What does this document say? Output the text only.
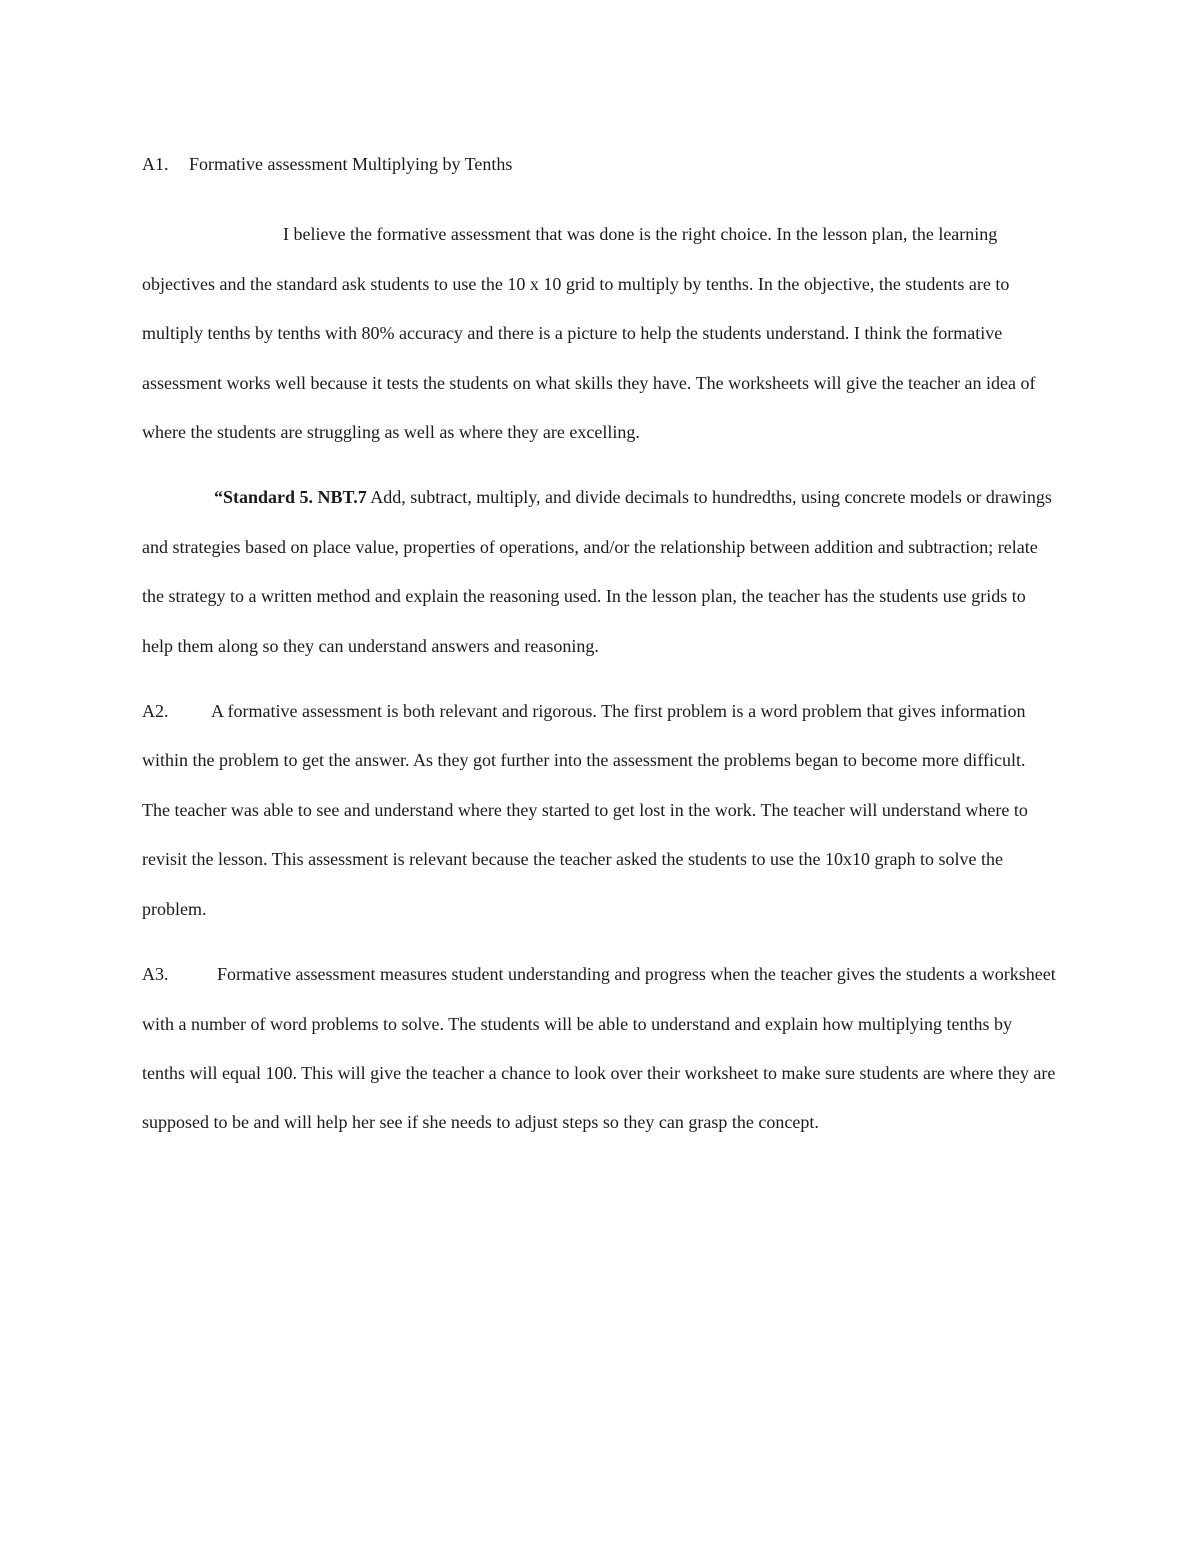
A1. Formative assessment Multiplying by Tenths

I believe the formative assessment that was done is the right choice. In the lesson plan, the learning objectives and the standard ask students to use the 10 x 10 grid to multiply by tenths. In the objective, the students are to multiply tenths by tenths with 80% accuracy and there is a picture to help the students understand. I think the formative assessment works well because it tests the students on what skills they have. The worksheets will give the teacher an idea of where the students are struggling as well as where they are excelling.

“Standard 5. NBT.7 Add, subtract, multiply, and divide decimals to hundredths, using concrete models or drawings and strategies based on place value, properties of operations, and/or the relationship between addition and subtraction; relate the strategy to a written method and explain the reasoning used. In the lesson plan, the teacher has the students use grids to help them along so they can understand answers and reasoning.

A2. A formative assessment is both relevant and rigorous. The first problem is a word problem that gives information within the problem to get the answer. As they got further into the assessment the problems began to become more difficult. The teacher was able to see and understand where they started to get lost in the work. The teacher will understand where to revisit the lesson. This assessment is relevant because the teacher asked the students to use the 10x10 graph to solve the problem.

A3.	Formative assessment measures student understanding and progress when the teacher gives the students a worksheet with a number of word problems to solve. The students will be able to understand and explain how multiplying tenths by tenths will equal 100. This will give the teacher a chance to look over their worksheet to make sure students are where they are supposed to be and will help her see if she needs to adjust steps so they can grasp the concept.
